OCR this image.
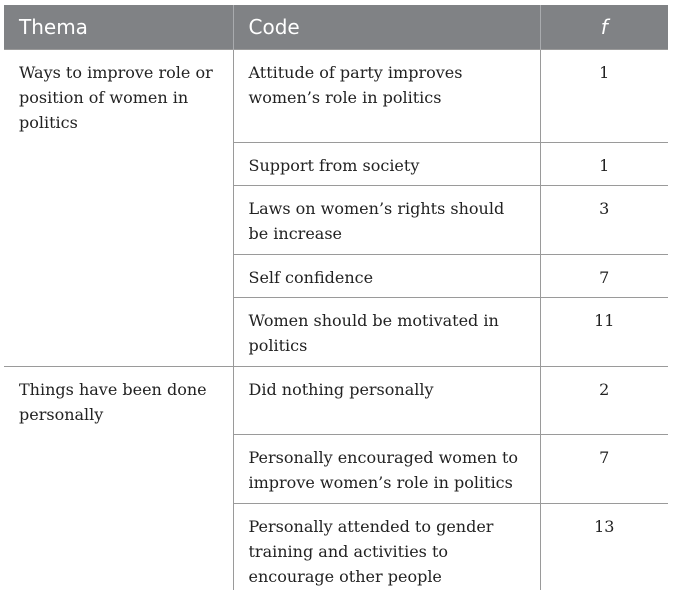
Thema	Code	f
Ways to improve role or position of women in politics	Attitude of party improves women’s role in politics	1
	Support from society	1
	Laws on women’s rights should be increase	3
	Self confidence	7
	Women should be motivated in politics	11
Things have been done personally	Did nothing personally	2
	Personally encouraged women to improve women’s role in politics	7
	Personally attended to gender training and activities to encourage other people	13
